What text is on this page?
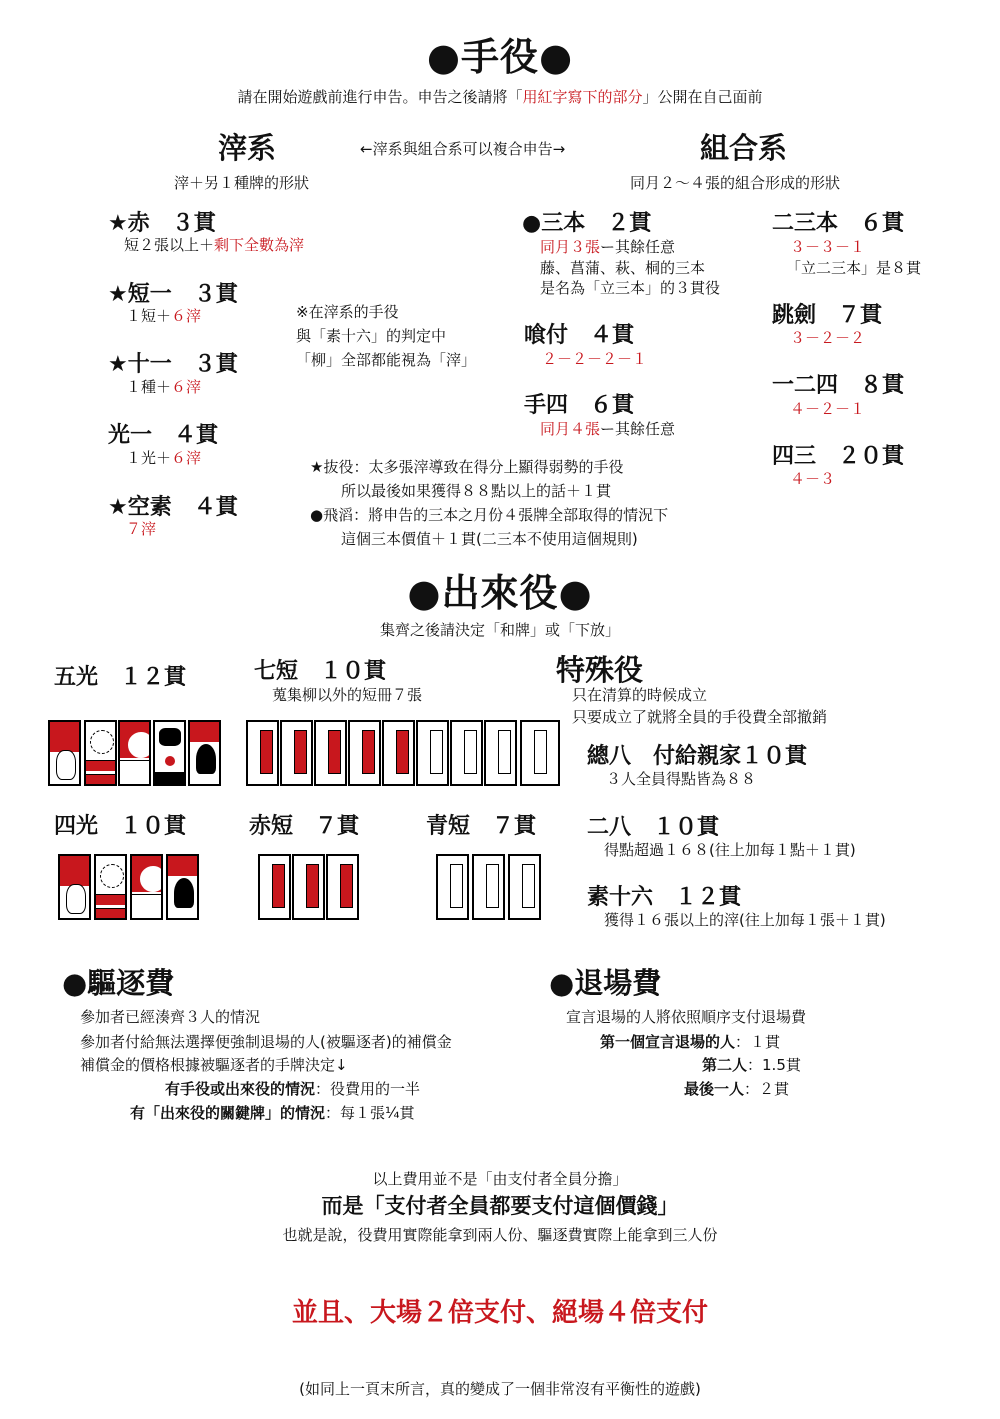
●手役●
請在開始遊戲前進行申告。申告之後請將「用紅字寫下的部分」公開在自己面前
滓系
滓＋另１種牌的形狀
←滓系與組合系可以複合申告→	組合系
同月２～４張的組合形成的形狀
★赤　３貫
短２張以上＋剩下全數為滓
★短一　３貫
１短＋６滓
★十一　３貫
１種＋６滓
光一　４貫
１光＋６滓
★空素　４貫
７滓
※在滓系的手役
與「素十六」的判定中
「柳」全部都能視為「滓」
●三本　２貫
同月３張ー其餘任意
藤、菖蒲、萩、桐的三本
是名為「立三本」的３貫役
喰付　４貫
２－２－２－１
手四　６貫
同月４張ー其餘任意
二三本　６貫
３－３－１
「立二三本」是８貫
跳劍　７貫
３－２－２
一二四　８貫
４－２－１
四三　２０貫
４－３
★抜役：太多張滓導致在得分上顯得弱勢的手役
所以最後如果獲得８８點以上的話＋１貫
●飛滔：將申告的三本之月份４張牌全部取得的情況下
這個三本價值＋１貫(二三本不使用這個規則)
●出來役●
集齊之後請決定「和牌」或「下放」
五光　１２貫	七短　１０貫
蒐集柳以外的短冊７張
四光　１０貫	赤短　７貫	青短　７貫
特殊役
只在清算的時候成立
只要成立了就將全員的手役費全部撤銷
總八　付給親家１０貫
３人全員得點皆為８８
二八　１０貫
得點超過１６８(往上加每１點＋１貫)
素十六　１２貫
獲得１６張以上的滓(往上加每１張＋１貫)
●驅逐費
參加者已經湊齊３人的情況
參加者付給無法選擇便強制退場的人(被驅逐者)的補償金
補償金的價格根據被驅逐者的手牌決定↓
有手役或出來役的情況：役費用的一半
有「出來役的關鍵牌」的情況：每１張¼貫
●退場費
宣言退場的人將依照順序支付退場費
第一個宣言退場的人：１貫
第二人：1.5貫
最後一人：２貫
以上費用並不是「由支付者全員分擔」
而是「支付者全員都要支付這個價錢」
也就是說，役費用實際能拿到兩人份、驅逐費實際上能拿到三人份
並且、大場２倍支付、絕場４倍支付
(如同上一頁末所言，真的變成了一個非常沒有平衡性的遊戲)
